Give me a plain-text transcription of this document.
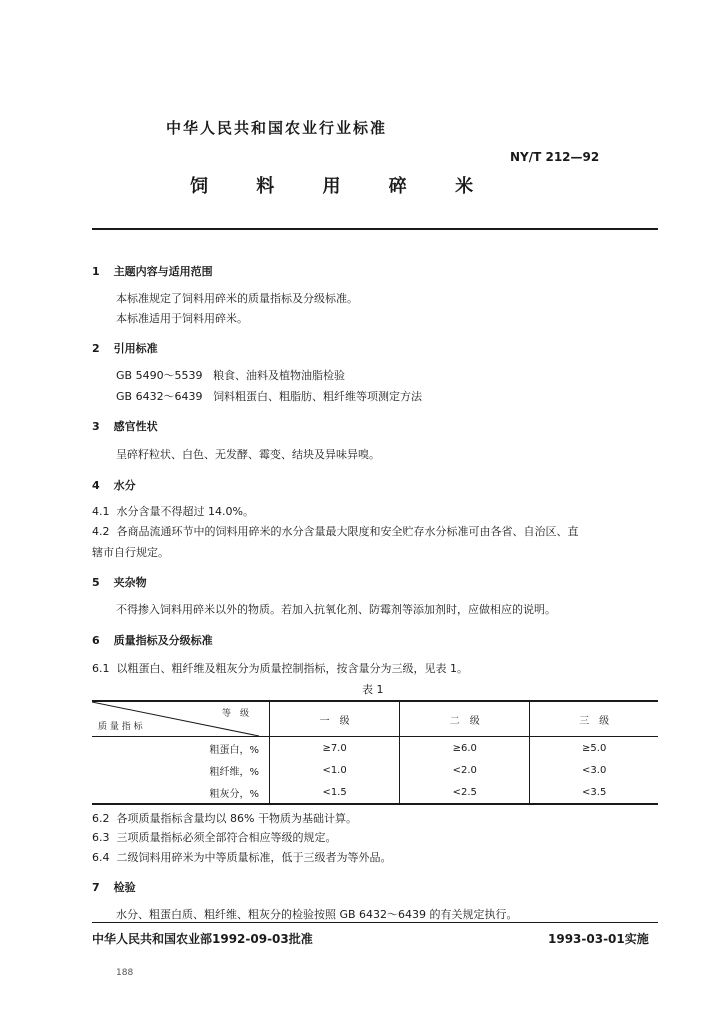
中华人民共和国农业行业标准
NY/T 212—92
饲 料 用 碎 米
1 主题内容与适用范围
本标准规定了饲料用碎米的质量指标及分级标准。
本标准适用于饲料用碎米。
2 引用标准
GB 5490～5539 粮食、油料及植物油脂检验
GB 6432～6439 饲料粗蛋白、粗脂肪、粗纤维等项测定方法
3 感官性状
呈碎籽粒状、白色、无发酵、霉变、结块及异味异嗅。
4 水分
4.1 水分含量不得超过 14.0%。
4.2 各商品流通环节中的饲料用碎米的水分含量最大限度和安全贮存水分标准可由各省、自治区、直
辖市自行规定。
5 夹杂物
不得掺入饲料用碎米以外的物质。若加入抗氧化剂、防霉剂等添加剂时，应做相应的说明。
6 质量指标及分级标准
6.1 以粗蛋白、粗纤维及粗灰分为质量控制指标，按含量分为三级，见表 1。
表 1
等　级
质 量 指 标	一　级	二　级	三　级
粗蛋白，%	≥7.0	≥6.0	≥5.0
粗纤维，%	<1.0	<2.0	<3.0
粗灰分，%	<1.5	<2.5	<3.5
6.2 各项质量指标含量均以 86% 干物质为基础计算。
6.3 三项质量指标必须全部符合相应等级的规定。
6.4 二级饲料用碎米为中等质量标准，低于三级者为等外品。
7 检验
水分、粗蛋白质、粗纤维、粗灰分的检验按照 GB 6432～6439 的有关规定执行。
中华人民共和国农业部1992-09-03批准	1993-03-01实施
188
